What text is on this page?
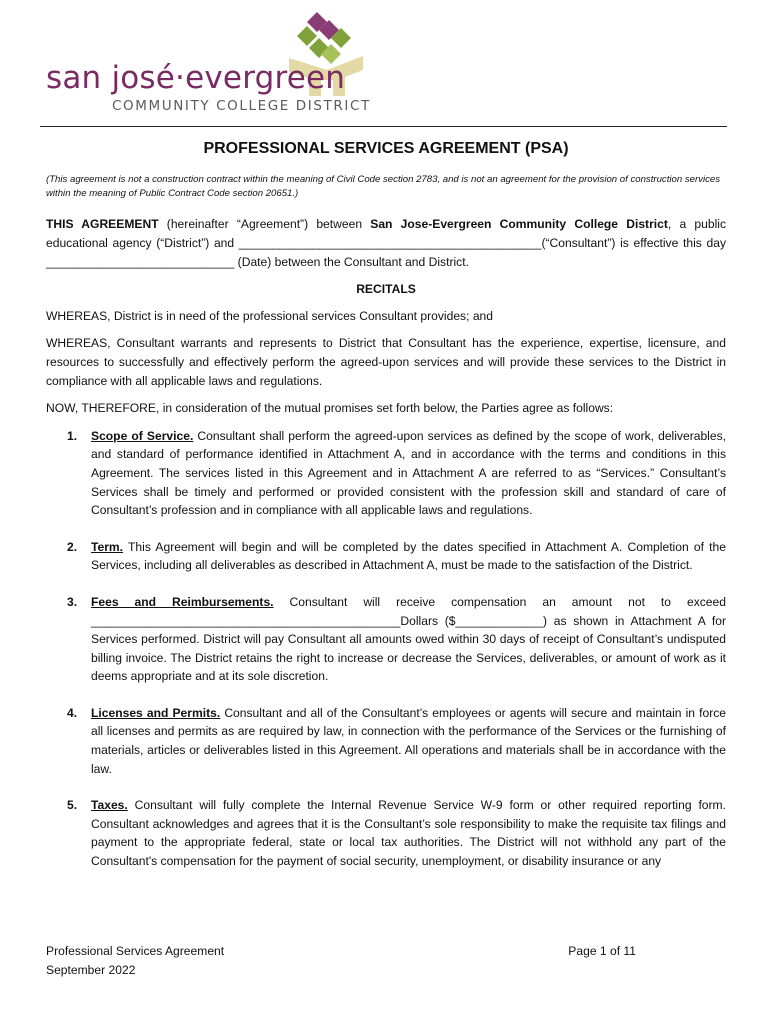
san josé·evergreen
COMMUNITY COLLEGE DISTRICT
PROFESSIONAL SERVICES AGREEMENT (PSA)
(This agreement is not a construction contract within the meaning of Civil Code section 2783, and is not an agreement for the provision of construction services within the meaning of Public Contract Code section 20651.)

THIS AGREEMENT (hereinafter “Agreement”) between San Jose-Evergreen Community College District, a public educational agency (“District”) and _____________________________________________(“Consultant”) is effective this day ____________________________ (Date) between the Consultant and District.

RECITALS

WHEREAS, District is in need of the professional services Consultant provides; and

WHEREAS, Consultant warrants and represents to District that Consultant has the experience, expertise, licensure, and resources to successfully and effectively perform the agreed-upon services and will provide these services to the District in compliance with all applicable laws and regulations.

NOW, THEREFORE, in consideration of the mutual promises set forth below, the Parties agree as follows:

1. Scope of Service. Consultant shall perform the agreed-upon services as defined by the scope of work, deliverables, and standard of performance identified in Attachment A, and in accordance with the terms and conditions in this Agreement. The services listed in this Agreement and in Attachment A are referred to as “Services.” Consultant’s Services shall be timely and performed or provided consistent with the profession skill and standard of care of Consultant’s profession and in compliance with all applicable laws and regulations.
2. Term. This Agreement will begin and will be completed by the dates specified in Attachment A. Completion of the Services, including all deliverables as described in Attachment A, must be made to the satisfaction of the District.
3. Fees and Reimbursements. Consultant will receive compensation an amount not to exceed ______________________________________________Dollars ($_____________) as shown in Attachment A for Services performed. District will pay Consultant all amounts owed within 30 days of receipt of Consultant’s undisputed billing invoice. The District retains the right to increase or decrease the Services, deliverables, or amount of work as it deems appropriate and at its sole discretion.
4. Licenses and Permits. Consultant and all of the Consultant’s employees or agents will secure and maintain in force all licenses and permits as are required by law, in connection with the performance of the Services or the furnishing of materials, articles or deliverables listed in this Agreement. All operations and materials shall be in accordance with the law.
5. Taxes. Consultant will fully complete the Internal Revenue Service W-9 form or other required reporting form. Consultant acknowledges and agrees that it is the Consultant’s sole responsibility to make the requisite tax filings and payment to the appropriate federal, state or local tax authorities. The District will not withhold any part of the Consultant's compensation for the payment of social security, unemployment, or disability insurance or any
Professional Services Agreement
September 2022
Page 1 of 11
